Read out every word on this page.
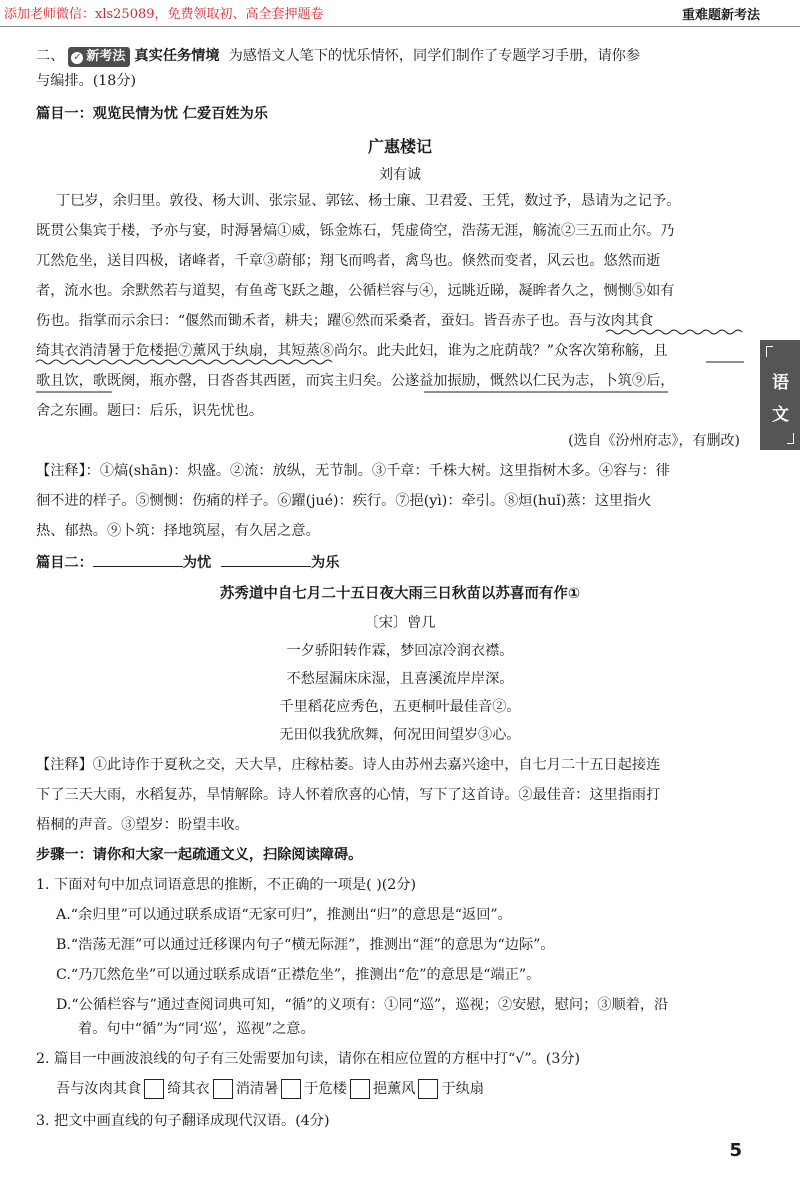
添加老师微信：xls25089，免费领取初、高全套押题卷	重难题新考法
二、 ✓ 新考法 真实任务情境 为感悟文人笔下的忧乐情怀，同学们制作了专题学习手册，请你参
与编排。(18分)
篇目一：观览民情为忧 仁爱百姓为乐
广惠楼记
刘有诚
丁巳岁，余归里。敦役、杨大训、张宗显、郭铉、杨士廉、卫君爱、王凭，数过予，恳请为之记予。
既贯公集宾于楼，予亦与宴，时溽暑熇①威，铄金炼石，凭虚倚空，浩荡无涯，觞流②三五而止尔。乃
兀然危坐，送目四极，诸峰者，千章③蔚郁；翔飞而鸣者，禽鸟也。倏然而变者，风云也。悠然而逝
者，流水也。余默然若与道契，有鱼鸢飞跃之趣，公循栏容与④，远眺近睇，凝眸者久之，恻恻⑤如有
伤也。指掌而示余曰：“偃然而锄禾者，耕夫；躍⑥然而采桑者，蚕妇。皆吾赤子也。吾与汝肉其食
绮其衣消清暑于危楼挹⑦薰风于纨扇，其短蒸⑧尚尔。此夫此妇，谁为之庇荫哉？”众客次第称觞，且
歌且饮，歌既阕，瓶亦罄，日沓沓其西匿，而宾主归矣。公遂益加振励，慨然以仁民为志，卜筑⑨后，
舍之东圃。题曰：后乐，识先忧也。
(选自《汾州府志》，有删改)
【注释】：①熇(shān)：炽盛。②流：放纵，无节制。③千章：千株大树。这里指树木多。④容与：徘
徊不进的样子。⑤恻恻：伤痛的样子。⑥躍(jué)：疾行。⑦挹(yì)：牵引。⑧烜(huǐ)蒸：这里指火
热、郁热。⑨卜筑：择地筑屋，有久居之意。
篇目二：	为忧	为乐
苏秀道中自七月二十五日夜大雨三日秋苗以苏喜而有作①
〔宋〕曾几
一夕骄阳转作霖，梦回凉冷润衣襟。
不愁屋漏床床湿，且喜溪流岸岸深。
千里稻花应秀色，五更桐叶最佳音②。
无田似我犹欣舞，何况田间望岁③心。
【注释】①此诗作于夏秋之交，天大旱，庄稼枯萎。诗人由苏州去嘉兴途中，自七月二十五日起接连
下了三天大雨，水稻复苏，旱情解除。诗人怀着欣喜的心情，写下了这首诗。②最佳音：这里指雨打
梧桐的声音。③望岁：盼望丰收。
步骤一：请你和大家一起疏通文义，扫除阅读障碍。
1. 下面对句中加点词语意思的推断，不正确的一项是( )(2分)
A.“余归里”可以通过联系成语“无家可归”，推测出“归”的意思是“返回”。
B.“浩荡无涯”可以通过迁移课内句子“横无际涯”，推测出“涯”的意思为“边际”。
C.“乃兀然危坐”可以通过联系成语“正襟危坐”，推测出“危”的意思是“端正”。
D.“公循栏容与”通过查阅词典可知，“循”的义项有：①同“巡”，巡视；②安慰，慰问；③顺着，沿
着。句中“循”为“同‘巡’，巡视”之意。
2. 篇目一中画波浪线的句子有三处需要加句读，请你在相应位置的方框中打“√”。(3分)
吾与汝肉其食 绮其衣 消清暑 于危楼 挹薰风 于纨扇
3. 把文中画直线的句子翻译成现代汉语。(4分)
语
文
5
